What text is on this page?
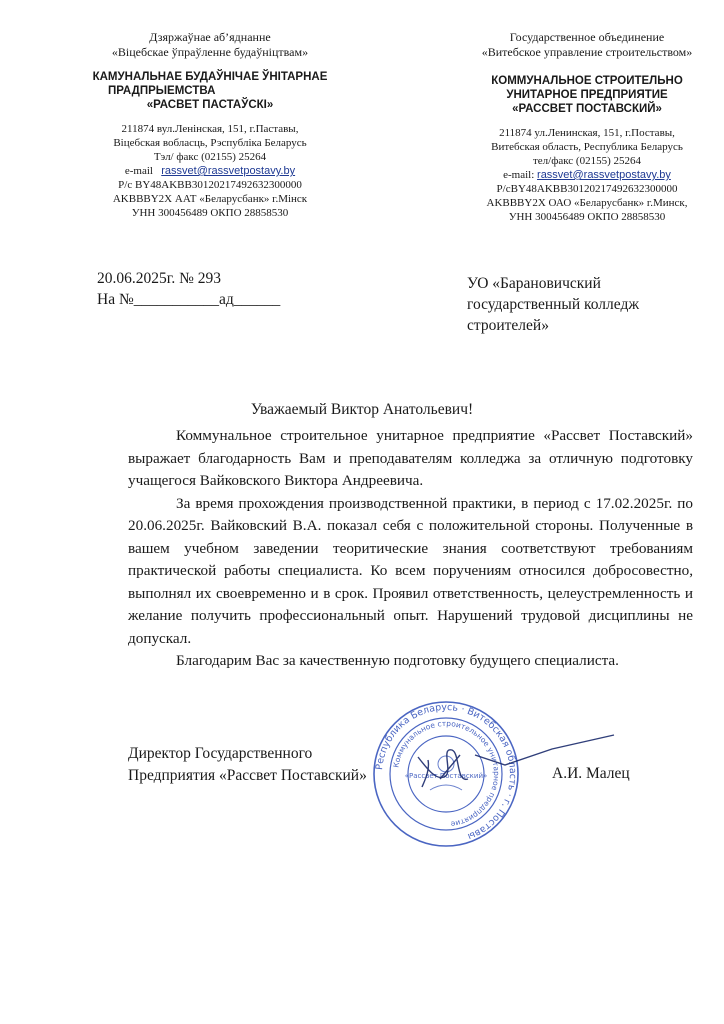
Дзяржаўнае аб’яднанне
«Віцебскае ўпраўленне будаўніцтвам»
КАМУНАЛЬНАЕ БУДАЎНІЧАЕ ЎНІТАРНАЕ
ПРАДПРЫЕМСТВА
«РАСВЕТ ПАСТАЎСКІ»
211874 вул.Ленінская, 151, г.Паставы,
Віцебская вобласць, Рэспубліка Беларусь
Тэл/ факс (02155) 25264
e-mail rassvet@rassvetpostavy.by
Р/с BY48AKBB30120217492632300000
AKBBBY2X ААТ «Беларусбанк» г.Мінск
УНН 300456489 ОКПО 28858530
Государственное объединение
«Витебское управление строительством»
КОММУНАЛЬНОЕ СТРОИТЕЛЬНО
УНИТАРНОЕ ПРЕДПРИЯТИЕ
«РАССВЕТ ПОСТАВСКИЙ»
211874 ул.Ленинская, 151, г.Поставы,
Витебская область, Республика Беларусь
тел/факс (02155) 25264
e-mail: rassvet@rassvetpostavy.by
Р/cBY48AKBB30120217492632300000
AKBBBY2X ОАО «Беларусбанк» г.Минск,
УНН 300456489 ОКПО 28858530
20.06.2025г. № 293
На №___________ад______
УО «Барановичский
государственный колледж
строителей»
Уважаемый Виктор Анатольевич!

Коммунальное строительное унитарное предприятие «Рассвет Поставский» выражает благодарность Вам и преподавателям колледжа за отличную подготовку учащегося Вайковского Виктора Андреевича.

За время прохождения производственной практики, в период с 17.02.2025г. по 20.06.2025г. Вайковский В.А. показал себя с положительной стороны. Полученные в вашем учебном заведении теоритические знания соответствуют требованиям практической работы специалиста. Ко всем поручениям относился добросовестно, выполнял их своевременно и в срок. Проявил ответственность, целеустремленность и желание получить профессиональный опыт. Нарушений трудовой дисциплины не допускал.

Благодарим Вас за качественную подготовку будущего специалиста.

Директор Государственного
Предприятия «Рассвет Поставский»	А.И. Малец
Республика Беларусь · Витебская область · г. Поставы
Коммунальное строительное унитарное предприятие
«Рассвет Поставский»
